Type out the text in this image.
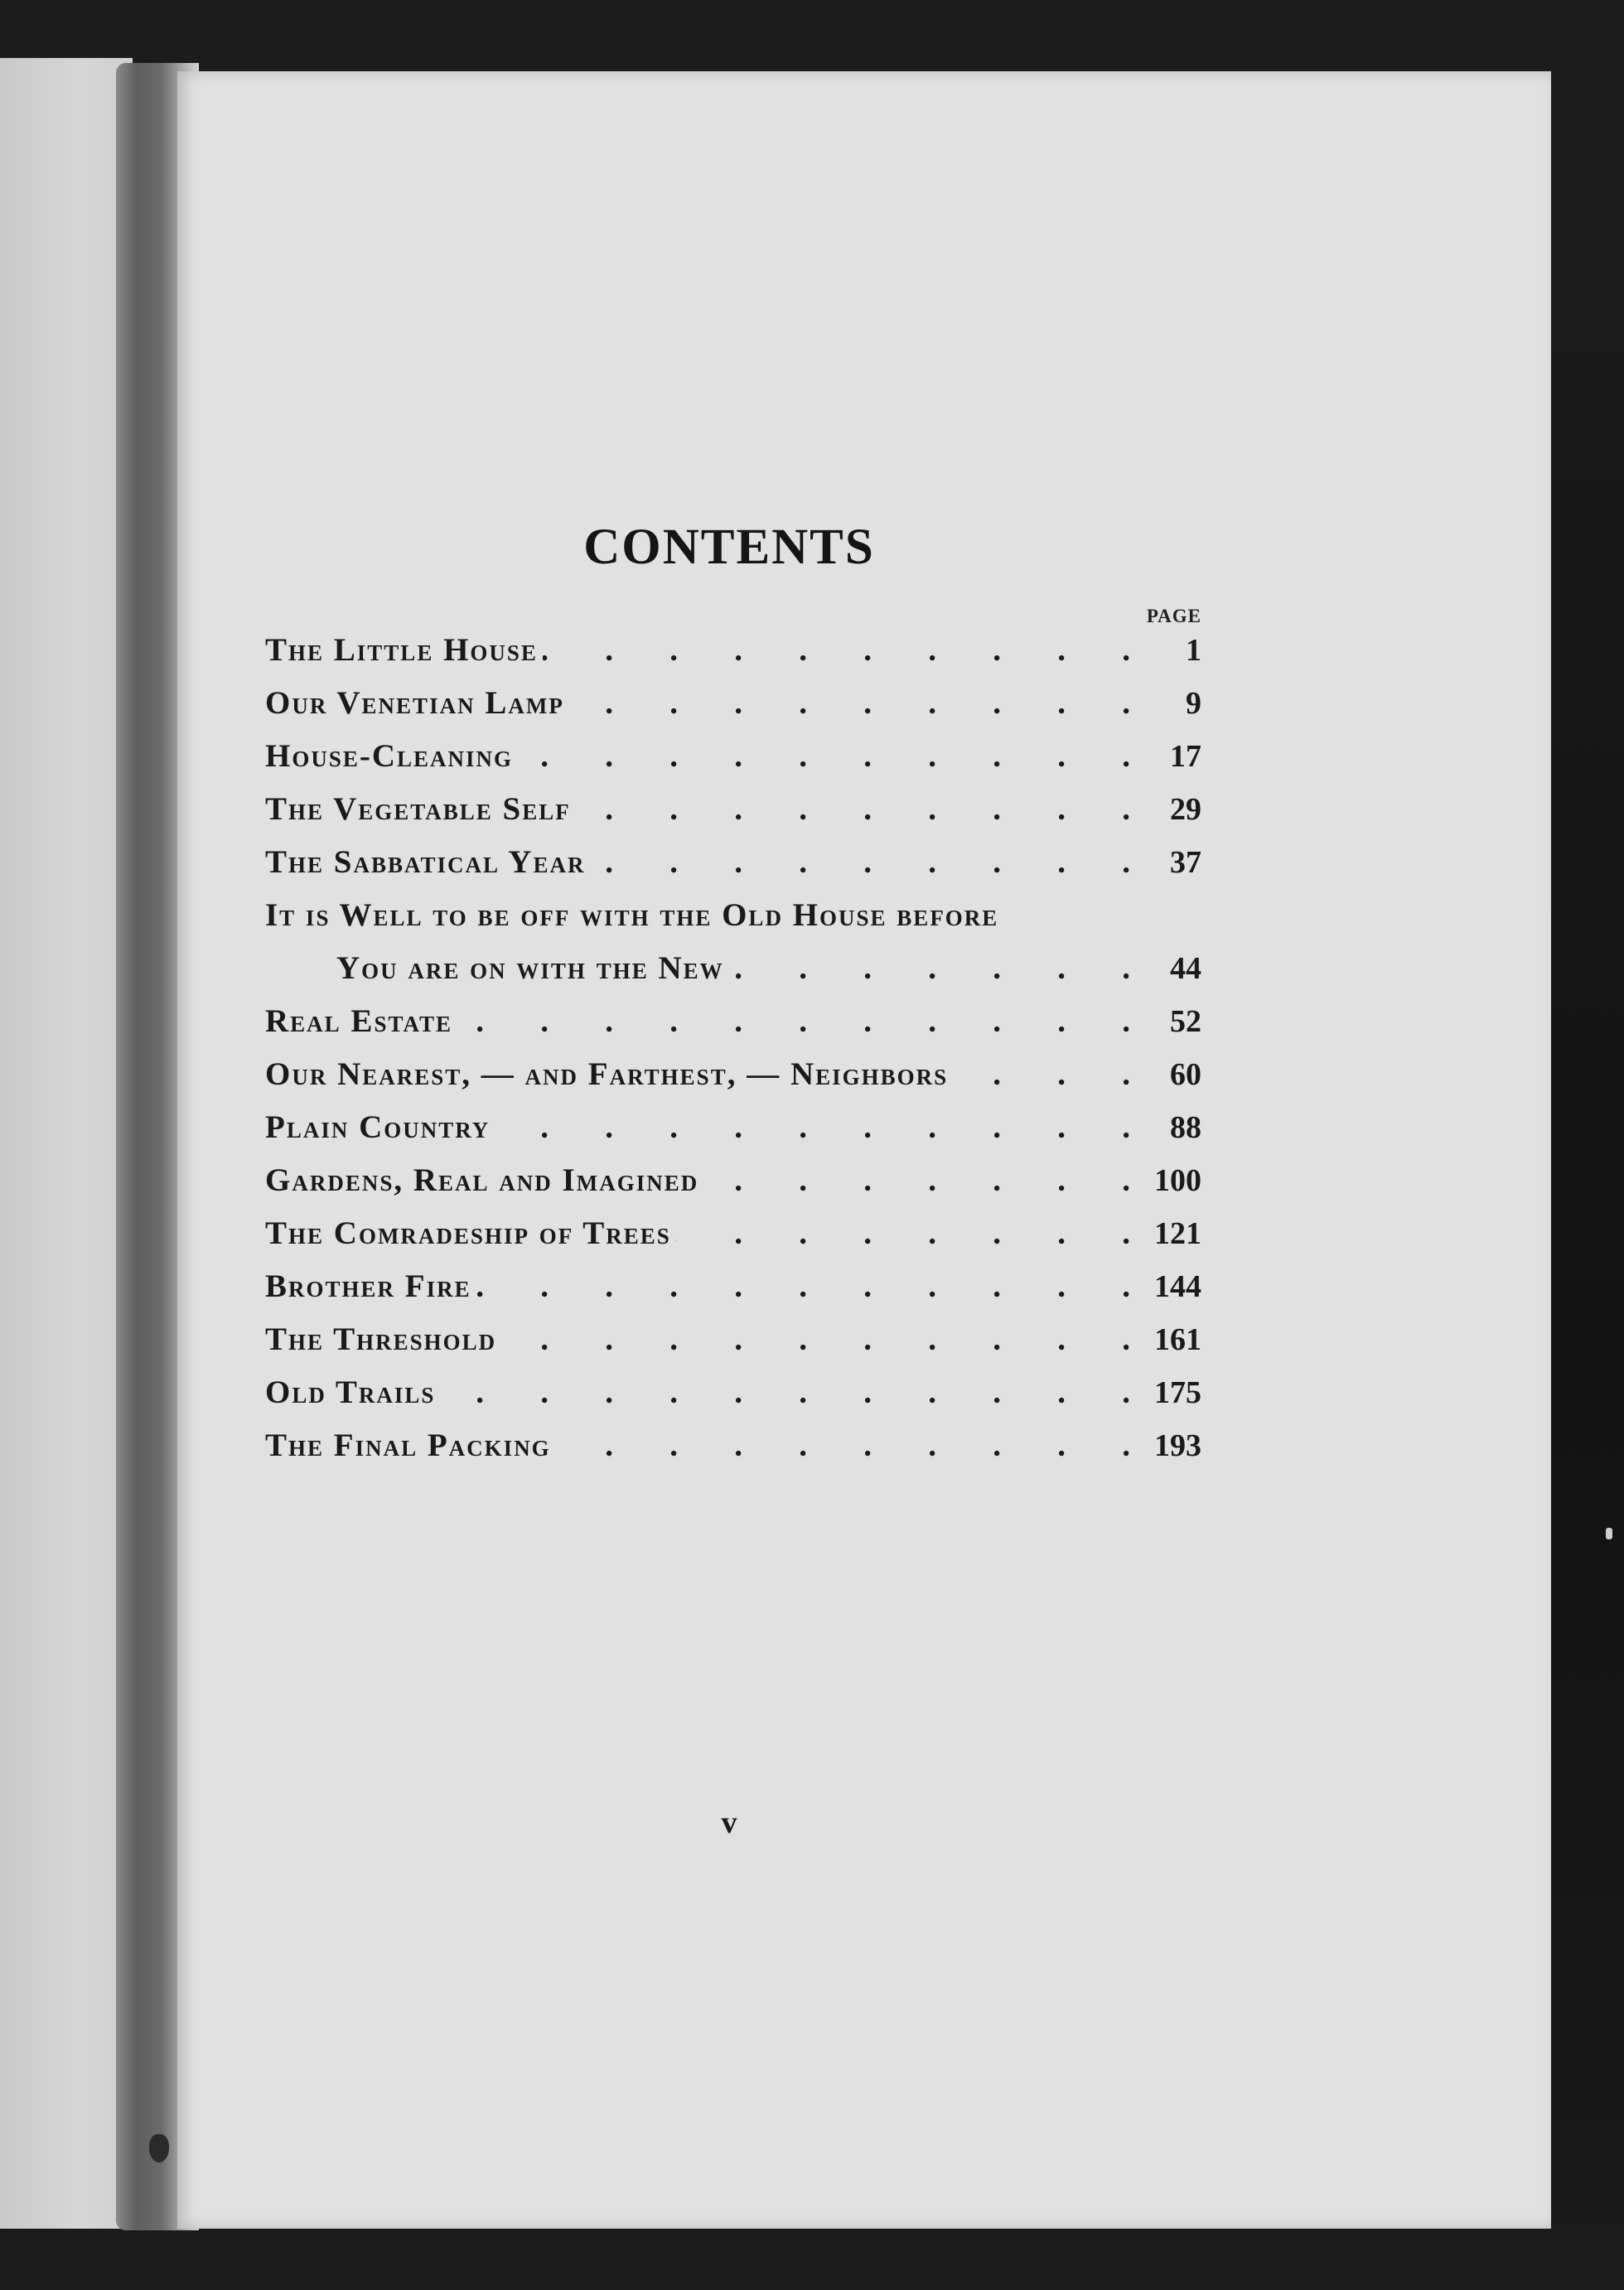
CONTENTS
PAGE
The Little House .	1
Our Venetian Lamp .	9
House-Cleaning .	17
The Vegetable Self .	29
The Sabbatical Year .	37
It is Well to be off with the Old House before
You are on with the New .	44
Real Estate .	52
Our Nearest, — and Farthest, — Neighbors .	60
Plain Country .	88
Gardens, Real and Imagined .	100
The Comradeship of Trees .	121
Brother Fire .	144
The Threshold .	161
Old Trails .	175
The Final Packing .	193
v
